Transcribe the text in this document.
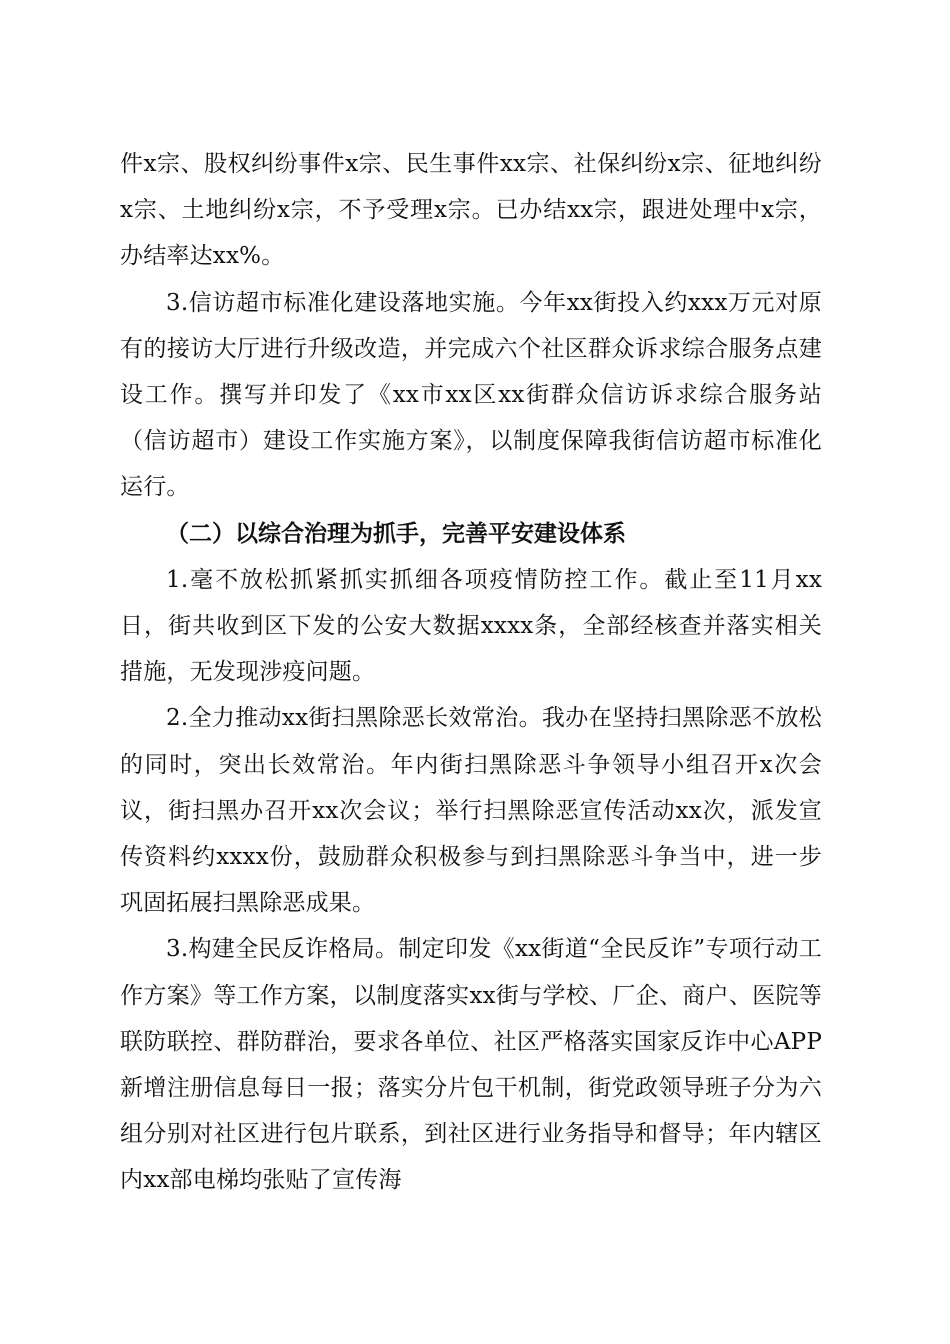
件x宗、股权纠纷事件x宗、民生事件xx宗、社保纠纷x宗、征地纠纷x宗、土地纠纷x宗，不予受理x宗。已办结xx宗，跟进处理中x宗，办结率达xx%。

3.信访超市标准化建设落地实施。今年xx街投入约xxx万元对原有的接访大厅进行升级改造，并完成六个社区群众诉求综合服务点建设工作。撰写并印发了《xx市xx区xx街群众信访诉求综合服务站（信访超市）建设工作实施方案》，以制度保障我街信访超市标准化运行。

（二）以综合治理为抓手，完善平安建设体系

1.毫不放松抓紧抓实抓细各项疫情防控工作。截止至11月xx日，街共收到区下发的公安大数据xxxx条，全部经核查并落实相关措施，无发现涉疫问题。

2.全力推动xx街扫黑除恶长效常治。我办在坚持扫黑除恶不放松的同时，突出长效常治。年内街扫黑除恶斗争领导小组召开x次会议，街扫黑办召开xx次会议；举行扫黑除恶宣传活动xx次，派发宣传资料约xxxx份，鼓励群众积极参与到扫黑除恶斗争当中，进一步巩固拓展扫黑除恶成果。

3.构建全民反诈格局。制定印发《xx街道“全民反诈”专项行动工作方案》等工作方案，以制度落实xx街与学校、厂企、商户、医院等联防联控、群防群治，要求各单位、社区严格落实国家反诈中心APP新增注册信息每日一报；落实分片包干机制，街党政领导班子分为六组分别对社区进行包片联系，到社区进行业务指导和督导；年内辖区内xx部电梯均张贴了宣传海
